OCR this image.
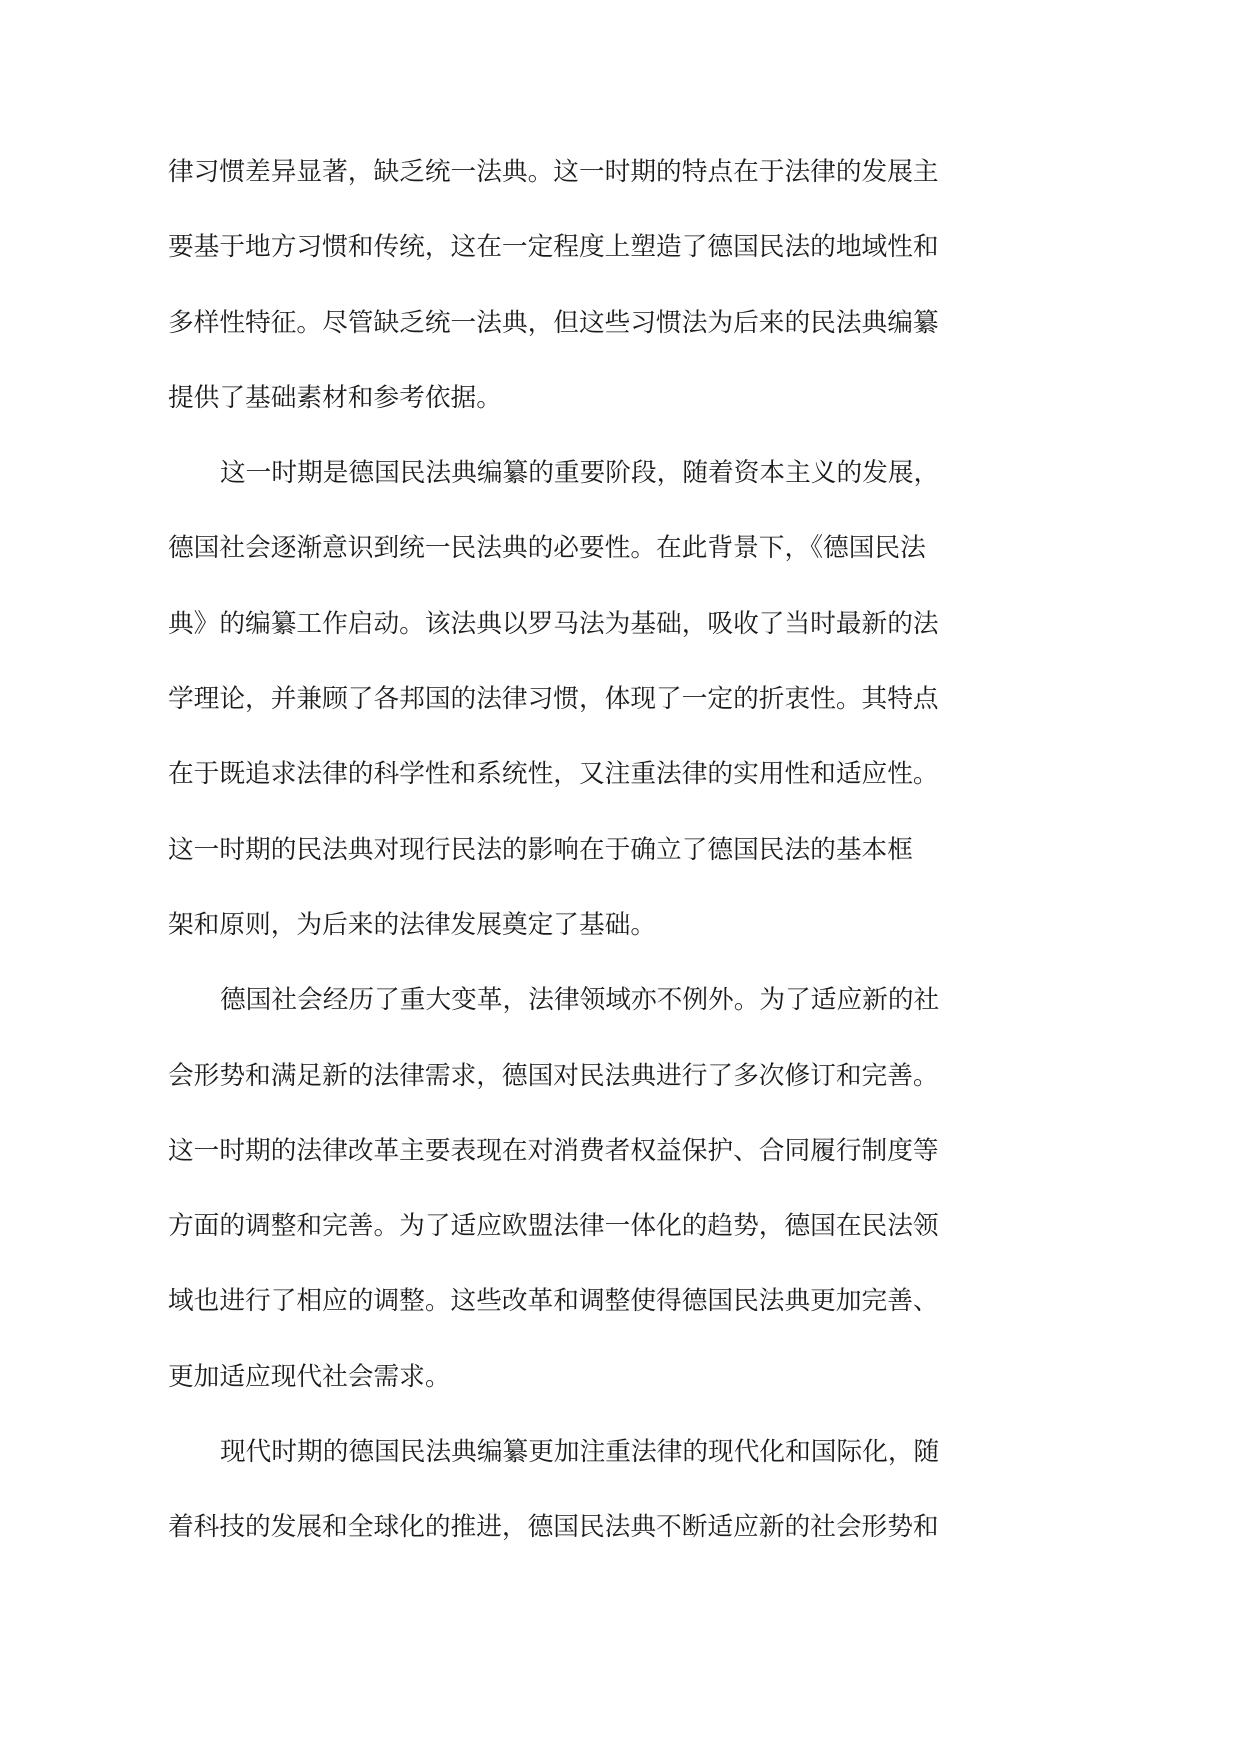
律习惯差异显著，缺乏统一法典。这一时期的特点在于法律的发展主
要基于地方习惯和传统，这在一定程度上塑造了德国民法的地域性和
多样性特征。尽管缺乏统一法典，但这些习惯法为后来的民法典编纂
提供了基础素材和参考依据。
这一时期是德国民法典编纂的重要阶段，随着资本主义的发展，
德国社会逐渐意识到统一民法典的必要性。在此背景下，《德国民法
典》的编纂工作启动。该法典以罗马法为基础，吸收了当时最新的法
学理论，并兼顾了各邦国的法律习惯，体现了一定的折衷性。其特点
在于既追求法律的科学性和系统性，又注重法律的实用性和适应性。
这一时期的民法典对现行民法的影响在于确立了德国民法的基本框
架和原则，为后来的法律发展奠定了基础。
德国社会经历了重大变革，法律领域亦不例外。为了适应新的社
会形势和满足新的法律需求，德国对民法典进行了多次修订和完善。
这一时期的法律改革主要表现在对消费者权益保护、合同履行制度等
方面的调整和完善。为了适应欧盟法律一体化的趋势，德国在民法领
域也进行了相应的调整。这些改革和调整使得德国民法典更加完善、
更加适应现代社会需求。
现代时期的德国民法典编纂更加注重法律的现代化和国际化，随
着科技的发展和全球化的推进，德国民法典不断适应新的社会形势和
